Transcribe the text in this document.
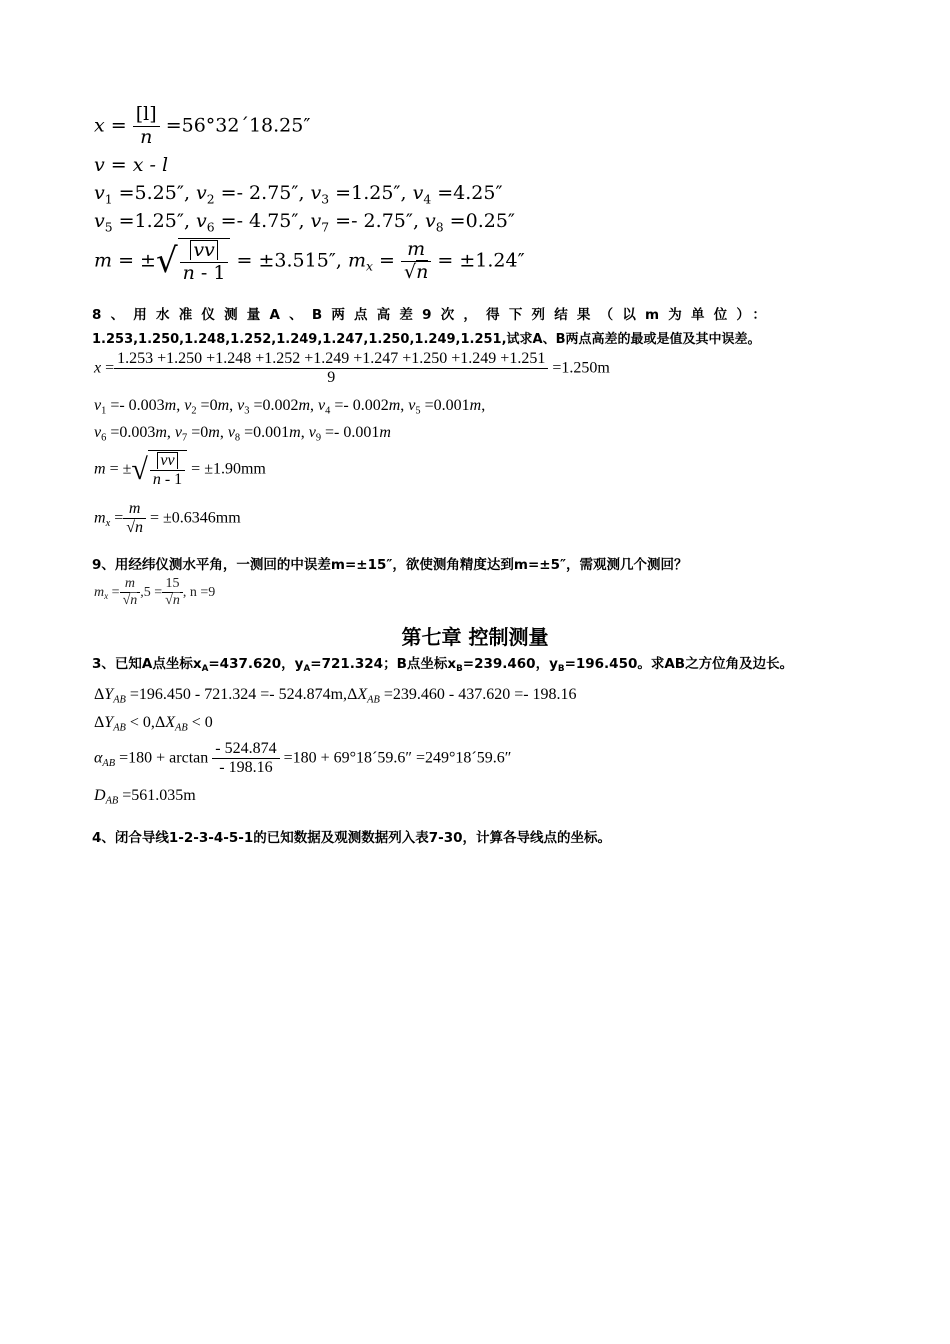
$x = \frac{[l]}{n}$ =56°32´18.25″
v = x - l
$v_1 =5.25''$, $v_2 =- 2.75''$, $v_3 =1.25''$, $v_4 =4.25''$
$v_5 =1.25''$, $v_6 =- 4.75''$, $v_7 =- 2.75''$, $v_8 =0.25''$
m = ±√ $\frac{vv}{n - 1} = \pm 3.515''$, $m_x = \frac{m}{√n} = \pm 1.24''$
8、用水准仪测量A、B两点高差9次，得下列结果（以m为单位）：
1.253,1.250,1.248,1.252,1.249,1.247,1.250,1.249,1.251,试求A、B两点高差的最或是值及其中误差。
x =
1.253 +1.250 +1.248 +1.252 +1.249 +1.247 +1.250 +1.249 +1.251
9
=1.250m
$v_1 =- 0.003m$, $v_2 =0m$, $v_3 =0.002m$, $v_4 =- 0.002m$, $v_5 =0.001m$,
$v_6 =0.003m$, $v_7 =0m$, $v_8 =0.001m$, $v_9 =- 0.001m$
m = ±√ $\frac{vv}{n - 1} = \pm 1.90mm$
$m_x = \frac{m}{√n} = \pm 0.6346mm$
9、用经纬仪测水平角，一测回的中误差m=±15″，欲使测角精度达到m=±5″，需观测几个测回？
$m_x = \frac{m}{√n} ,5 = \frac{15}{√n}$ , n =9
第七章 控制测量
3、已知A点坐标$x_A=437.620$，$y_A=721.324$；B点坐标$x_B=239.460$，$y_B=196.450$。求AB之方位角及边长。
$\Delta Y_{AB} =196.450 - 721.324 =- 524.874m,\Delta X_{AB} =239.460 - 437.620 =- 198.16$
$\Delta Y_{AB} < 0,\Delta X_{AB} < 0$
$\alpha_{AB} =180 + \arctan \frac{- 524.874}{- 198.16} =180$ + 69°18´59.6″ =249°18´59.6″
$D_{AB} =561.035m$
4、闭合导线1-2-3-4-5-1的已知数据及观测数据列入表7-30，计算各导线点的坐标。
